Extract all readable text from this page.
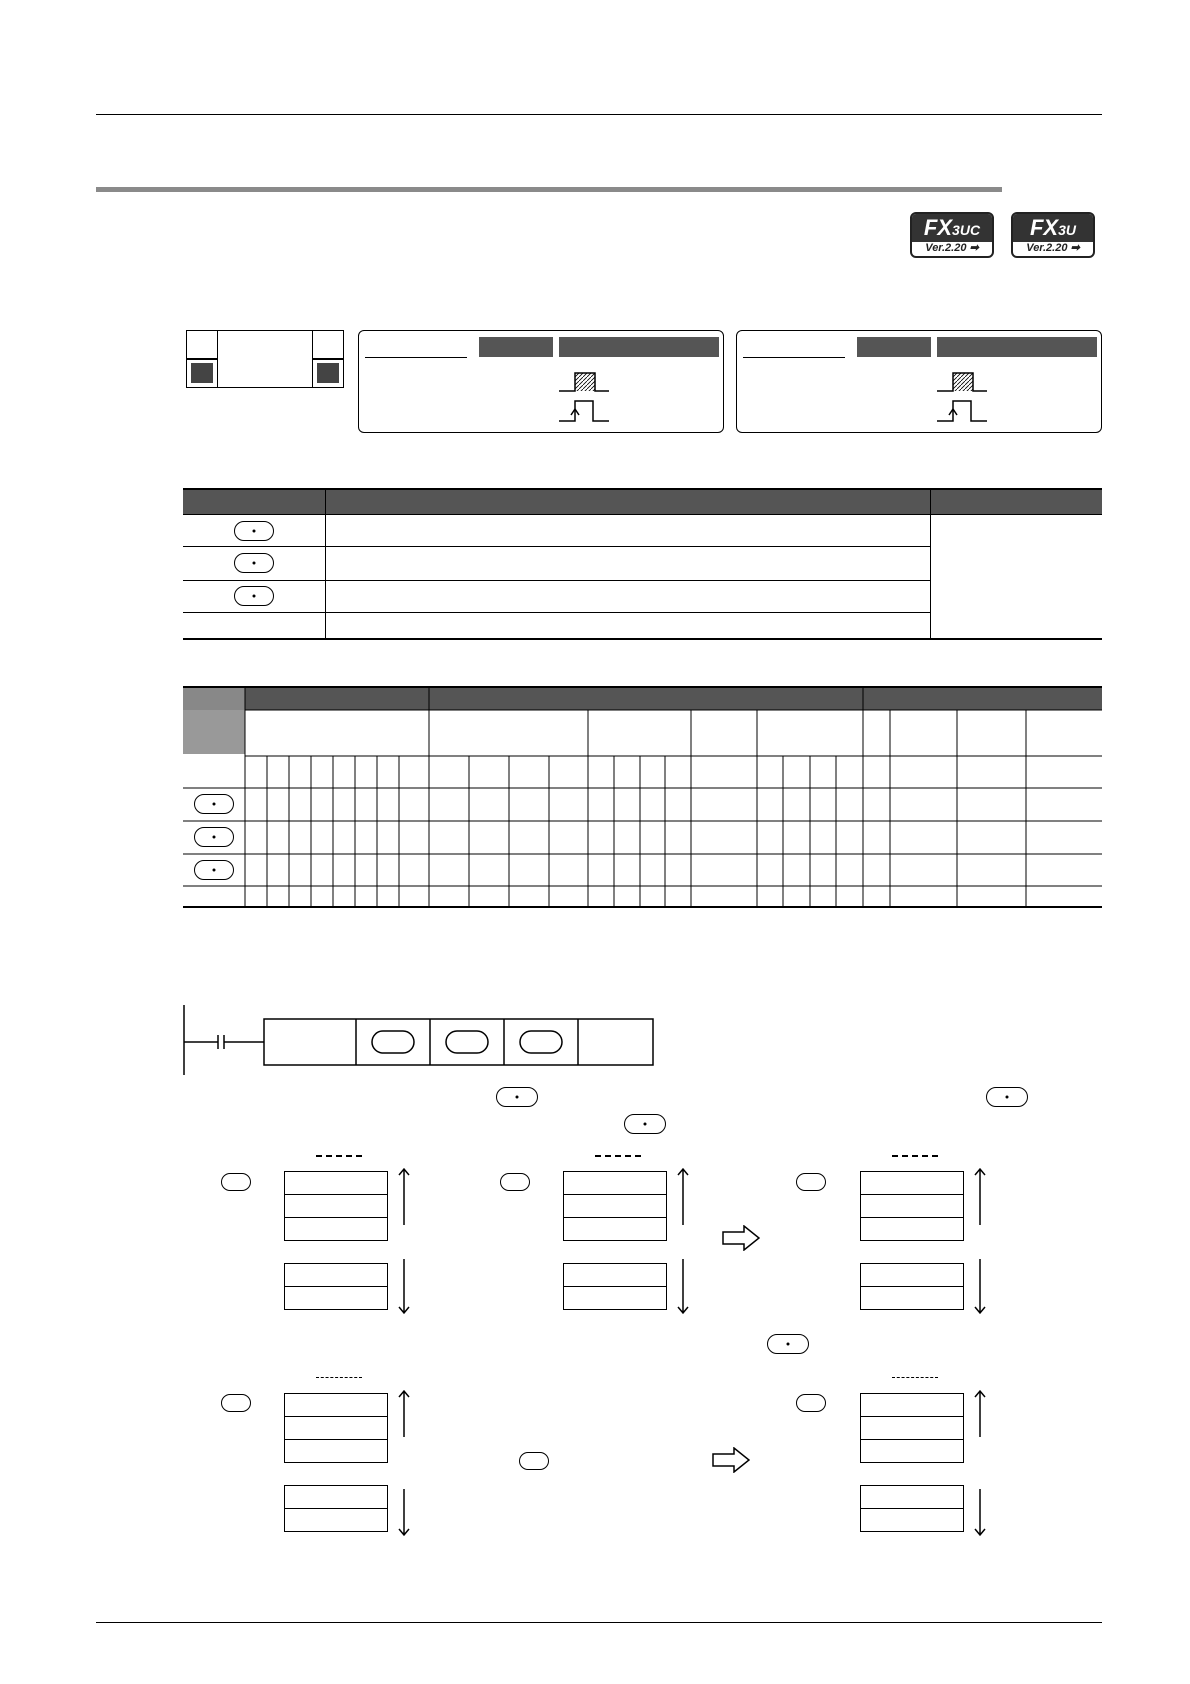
FX3UC
Ver.2.20 ➡
FX3U
Ver.2.20 ➡
